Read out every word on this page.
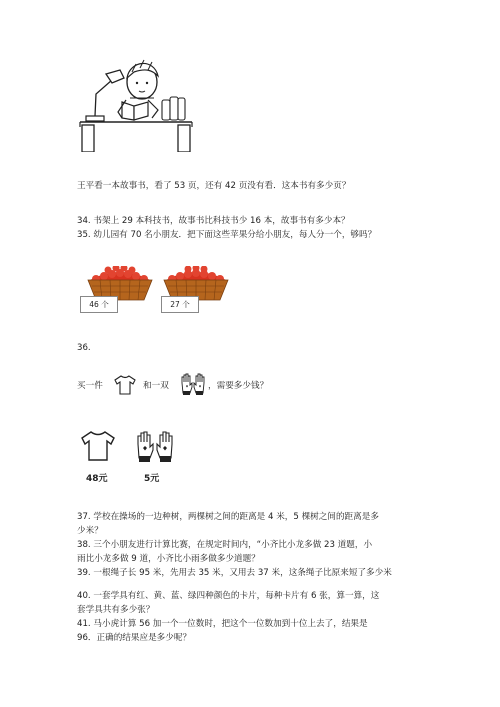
王平看一本故事书，看了 53 页，还有 42 页没有看．这本书有多少页？
34. 书架上 29 本科技书，故事书比科技书少 16 本，故事书有多少本？
35. 幼儿园有 70 名小朋友．把下面这些苹果分给小朋友，每人分一个，够吗？
46 个	27 个
36.
买一件	和一双	，需要多少钱？
48元	5元
37. 学校在操场的一边种树，两棵树之间的距离是 4 米，5 棵树之间的距离是多
少米？
38. 三个小朋友进行计算比赛，在规定时间内，“小齐比小龙多做 23 道题，小
雨比小龙多做 9 道，小齐比小雨多做多少道题？
39. 一根绳子长 95 米，先用去 35 米，又用去 37 米，这条绳子比原来短了多少米
40. 一套学具有红、黄、蓝、绿四种颜色的卡片，每种卡片有 6 张，算一算，这
套学具共有多少张？
41. 马小虎计算 56 加一个一位数时，把这个一位数加到十位上去了，结果是
96．正确的结果应是多少呢？
